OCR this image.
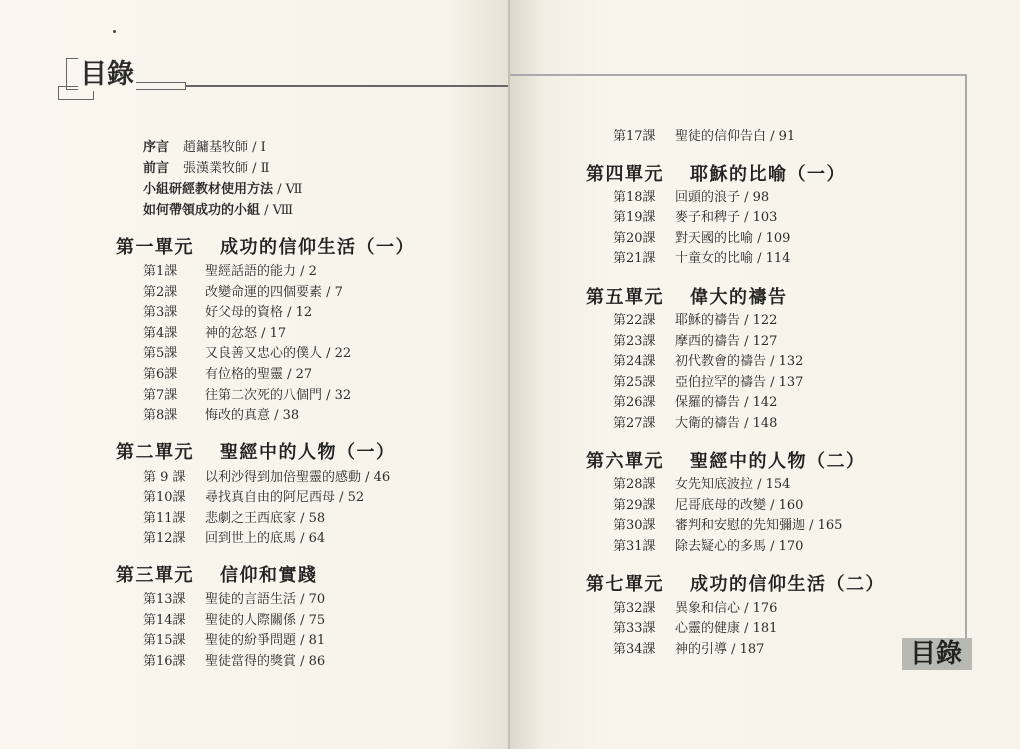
目錄
序言 趙鏞基牧師 / Ⅰ
前言 張漢業牧師 / Ⅱ
小組研經教材使用方法 / Ⅶ
如何帶領成功的小組 / Ⅷ
第一單元 成功的信仰生活（一）
第1課 聖經話語的能力 / 2
第2課 改變命運的四個要素 / 7
第3課 好父母的資格 / 12
第4課 神的忿怒 / 17
第5課 又良善又忠心的僕人 / 22
第6課 有位格的聖靈 / 27
第7課 往第二次死的八個門 / 32
第8課 悔改的真意 / 38
第二單元 聖經中的人物（一）
第 9 課 以利沙得到加倍聖靈的感動 / 46
第10課 尋找真自由的阿尼西母 / 52
第11課 悲劇之王西底家 / 58
第12課 回到世上的底馬 / 64
第三單元 信仰和實踐
第13課 聖徒的言語生活 / 70
第14課 聖徒的人際關係 / 75
第15課 聖徒的紛爭問題 / 81
第16課 聖徒當得的獎賞 / 86
第17課 聖徒的信仰告白 / 91
第四單元 耶穌的比喻（一）
第18課 回頭的浪子 / 98
第19課 麥子和稗子 / 103
第20課 對天國的比喻 / 109
第21課 十童女的比喻 / 114
第五單元 偉大的禱告
第22課 耶穌的禱告 / 122
第23課 摩西的禱告 / 127
第24課 初代教會的禱告 / 132
第25課 亞伯拉罕的禱告 / 137
第26課 保羅的禱告 / 142
第27課 大衛的禱告 / 148
第六單元 聖經中的人物（二）
第28課 女先知底波拉 / 154
第29課 尼哥底母的改變 / 160
第30課 審判和安慰的先知彌迦 / 165
第31課 除去疑心的多馬 / 170
第七單元 成功的信仰生活（二）
第32課 異象和信心 / 176
第33課 心靈的健康 / 181
第34課 神的引導 / 187	目錄
